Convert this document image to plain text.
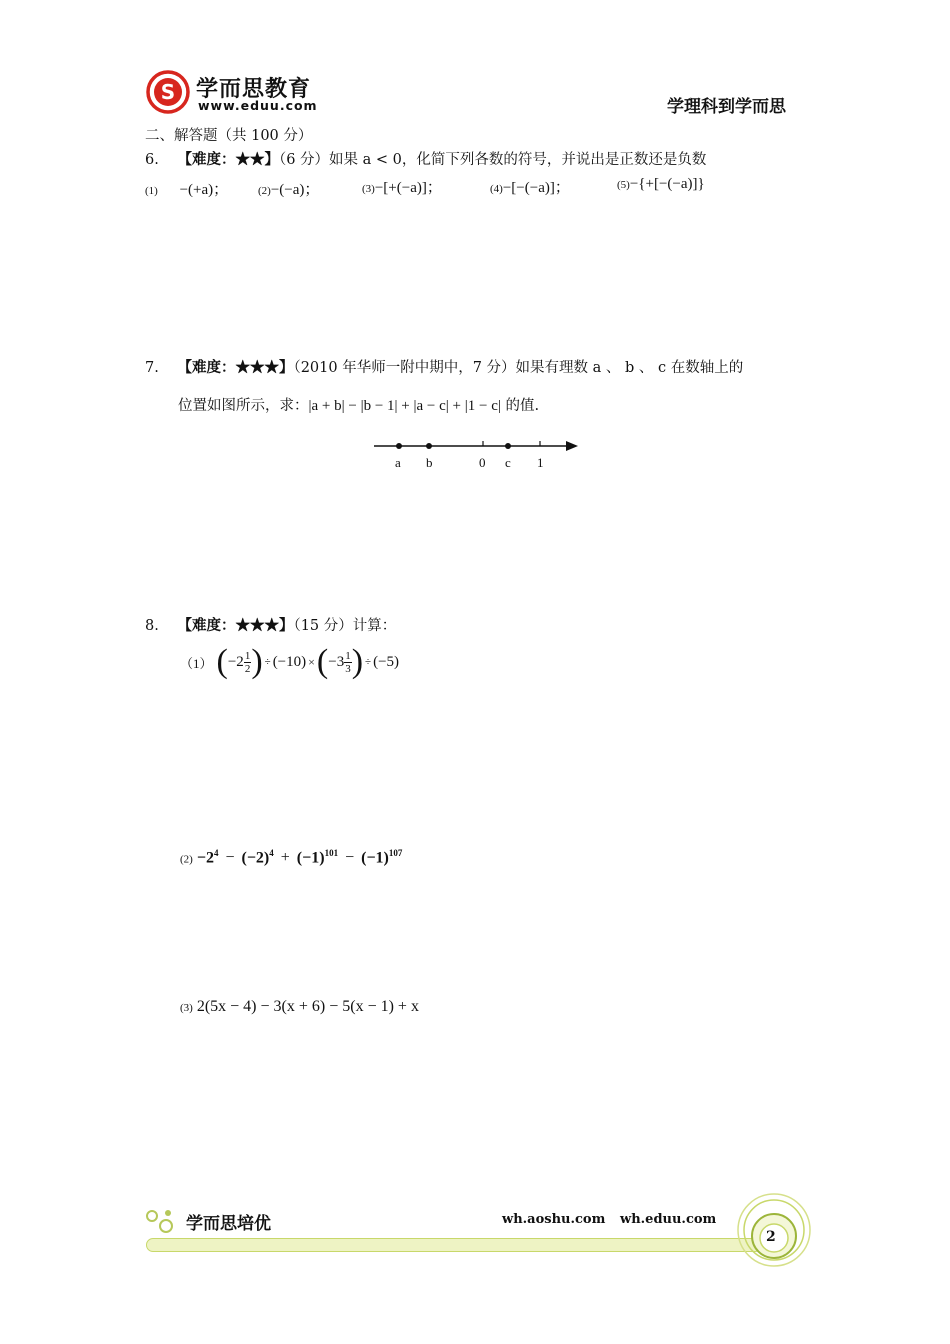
S 学而思教育
www.eduu.com	学理科到学而思
二、解答题（共 100 分）
6. 【难度：★★】（6 分）如果 a < 0，化简下列各数的符号，并说出是正数还是负数
(1) −(+a)；	(2)−(−a)；	(3)−[+(−a)]；	(4)−[−(−a)]；	(5)−{+[−(−a)]}
7. 【难度：★★★】（2010 年华师一附中期中，7 分）如果有理数 a 、 b 、 c 在数轴上的
位置如图所示，求：|a + b| − |b − 1| + |a − c| + |1 − c| 的值.
a b	0 c 1
8. 【难度：★★★】（15 分）计算：
（1） ( $-2 \frac{1}{2}$ ) ÷ (−10) × ( $-3 \frac{1}{3}$ ) ÷ (−5)
$(2) -2^4 - (-2)^4 + (-1)^{101} - (-1)^{107}$
(3) 2(5x − 4) − 3(x + 6) − 5(x − 1) + x
学而思培优	wh.aoshu.com wh.eduu.com
2
